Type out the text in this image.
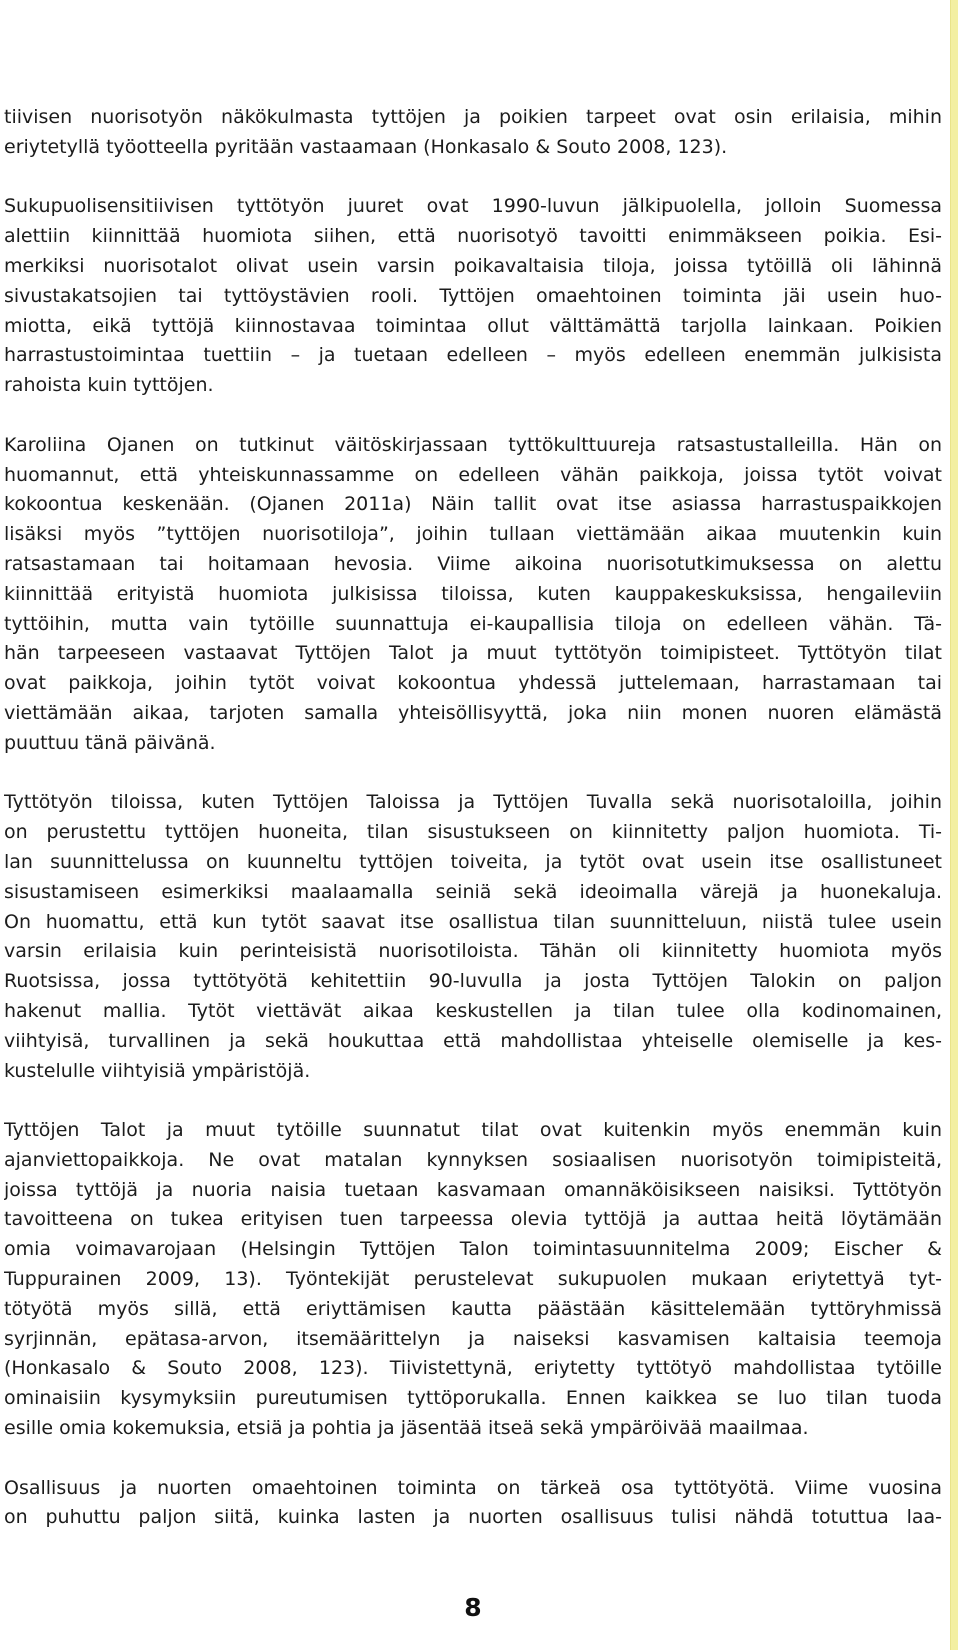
tiivisen nuorisotyön näkökulmasta tyttöjen ja poikien tarpeet ovat osin erilaisia, mihin
eriytetyllä työotteella pyritään vastaamaan (Honkasalo & Souto 2008, 123).

Sukupuolisensitiivisen tyttötyön juuret ovat 1990-luvun jälkipuolella, jolloin Suomessa
alettiin kiinnittää huomiota siihen, että nuorisotyö tavoitti enimmäkseen poikia. Esi-
merkiksi nuorisotalot olivat usein varsin poikavaltaisia tiloja, joissa tytöillä oli lähinnä
sivustakatsojien tai tyttöystävien rooli. Tyttöjen omaehtoinen toiminta jäi usein huo-
miotta, eikä tyttöjä kiinnostavaa toimintaa ollut välttämättä tarjolla lainkaan. Poikien
harrastustoimintaa tuettiin – ja tuetaan edelleen – myös edelleen enemmän julkisista
rahoista kuin tyttöjen.

Karoliina Ojanen on tutkinut väitöskirjassaan tyttökulttuureja ratsastustalleilla. Hän on
huomannut, että yhteiskunnassamme on edelleen vähän paikkoja, joissa tytöt voivat
kokoontua keskenään. (Ojanen 2011a) Näin tallit ovat itse asiassa harrastuspaikkojen
lisäksi myös ”tyttöjen nuorisotiloja”, joihin tullaan viettämään aikaa muutenkin kuin
ratsastamaan tai hoitamaan hevosia. Viime aikoina nuorisotutkimuksessa on alettu
kiinnittää erityistä huomiota julkisissa tiloissa, kuten kauppakeskuksissa, hengaileviin
tyttöihin, mutta vain tytöille suunnattuja ei-kaupallisia tiloja on edelleen vähän. Tä-
hän tarpeeseen vastaavat Tyttöjen Talot ja muut tyttötyön toimipisteet. Tyttötyön tilat
ovat paikkoja, joihin tytöt voivat kokoontua yhdessä juttelemaan, harrastamaan tai
viettämään aikaa, tarjoten samalla yhteisöllisyyttä, joka niin monen nuoren elämästä
puuttuu tänä päivänä.

Tyttötyön tiloissa, kuten Tyttöjen Taloissa ja Tyttöjen Tuvalla sekä nuorisotaloilla, joihin
on perustettu tyttöjen huoneita, tilan sisustukseen on kiinnitetty paljon huomiota. Ti-
lan suunnittelussa on kuunneltu tyttöjen toiveita, ja tytöt ovat usein itse osallistuneet
sisustamiseen esimerkiksi maalaamalla seiniä sekä ideoimalla värejä ja huonekaluja.
On huomattu, että kun tytöt saavat itse osallistua tilan suunnitteluun, niistä tulee usein
varsin erilaisia kuin perinteisistä nuorisotiloista. Tähän oli kiinnitetty huomiota myös
Ruotsissa, jossa tyttötyötä kehitettiin 90-luvulla ja josta Tyttöjen Talokin on paljon
hakenut mallia. Tytöt viettävät aikaa keskustellen ja tilan tulee olla kodinomainen,
viihtyisä, turvallinen ja sekä houkuttaa että mahdollistaa yhteiselle olemiselle ja kes-
kustelulle viihtyisiä ympäristöjä.

Tyttöjen Talot ja muut tytöille suunnatut tilat ovat kuitenkin myös enemmän kuin
ajanviettopaikkoja. Ne ovat matalan kynnyksen sosiaalisen nuorisotyön toimipisteitä,
joissa tyttöjä ja nuoria naisia tuetaan kasvamaan omannäköisikseen naisiksi. Tyttötyön
tavoitteena on tukea erityisen tuen tarpeessa olevia tyttöjä ja auttaa heitä löytämään
omia voimavarojaan (Helsingin Tyttöjen Talon toimintasuunnitelma 2009; Eischer &
Tuppurainen 2009, 13). Työntekijät perustelevat sukupuolen mukaan eriytettyä tyt-
tötyötä myös sillä, että eriyttämisen kautta päästään käsittelemään tyttöryhmissä
syrjinnän, epätasa-arvon, itsemäärittelyn ja naiseksi kasvamisen kaltaisia teemoja
(Honkasalo & Souto 2008, 123). Tiivistettynä, eriytetty tyttötyö mahdollistaa tytöille
ominaisiin kysymyksiin pureutumisen tyttöporukalla. Ennen kaikkea se luo tilan tuoda
esille omia kokemuksia, etsiä ja pohtia ja jäsentää itseä sekä ympäröivää maailmaa.

Osallisuus ja nuorten omaehtoinen toiminta on tärkeä osa tyttötyötä. Viime vuosina
on puhuttu paljon siitä, kuinka lasten ja nuorten osallisuus tulisi nähdä totuttua laa-

8
